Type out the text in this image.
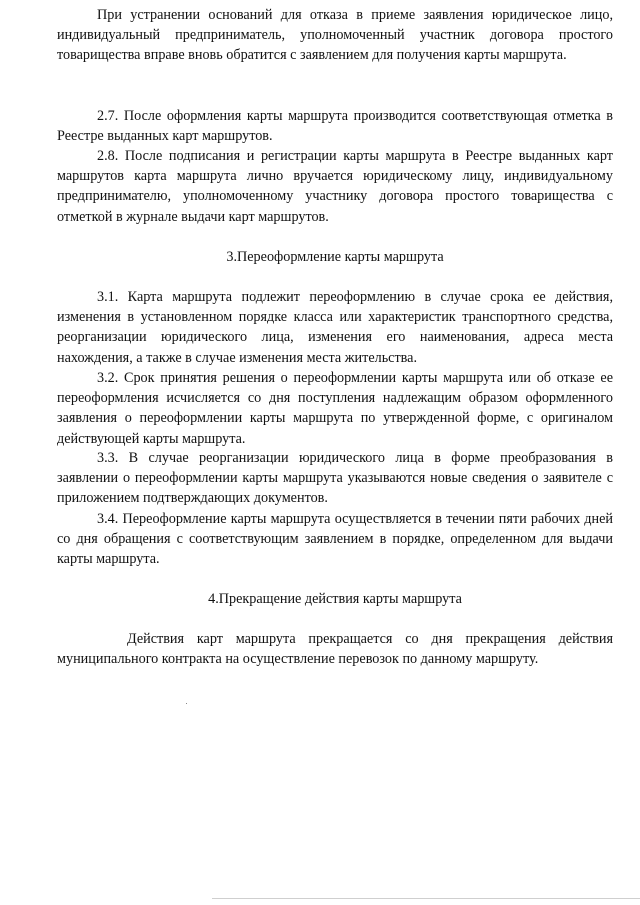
При устранении оснований для отказа в приеме заявления юридическое лицо, индивидуальный предприниматель, уполномоченный участник договора простого товарищества вправе вновь обратится с заявлением для получения карты маршрута.

2.7. После оформления карты маршрута производится соответствующая отметка в Реестре выданных карт маршрутов.

2.8. После подписания и регистрации карты маршрута в Реестре выданных карт маршрутов карта маршрута лично вручается юридическому лицу, индивидуальному предпринимателю, уполномоченному участнику договора простого товарищества с отметкой в журнале выдачи карт маршрутов.

3.Переоформление карты маршрута

3.1. Карта маршрута подлежит переоформлению в случае срока ее действия, изменения в установленном порядке класса или характеристик транспортного средства, реорганизации юридического лица, изменения его наименования, адреса места нахождения, а также в случае изменения места жительства.

3.2. Срок принятия решения о переоформлении карты маршрута или об отказе ее переоформления исчисляется со дня поступления надлежащим образом оформленного заявления о переоформлении карты маршрута по утвержденной форме, с оригиналом действующей карты маршрута.

3.3. В случае реорганизации юридического лица в форме преобразования в заявлении о переоформлении карты маршрута указываются новые сведения о заявителе с приложением подтверждающих документов.

3.4. Переоформление карты маршрута осуществляется в течении пяти рабочих дней со дня обращения с соответствующим заявлением в порядке, определенном для выдачи карты маршрута.

4.Прекращение действия карты маршрута

Действия карт маршрута прекращается со дня прекращения действия муниципального контракта на осуществление перевозок по данному маршруту.
